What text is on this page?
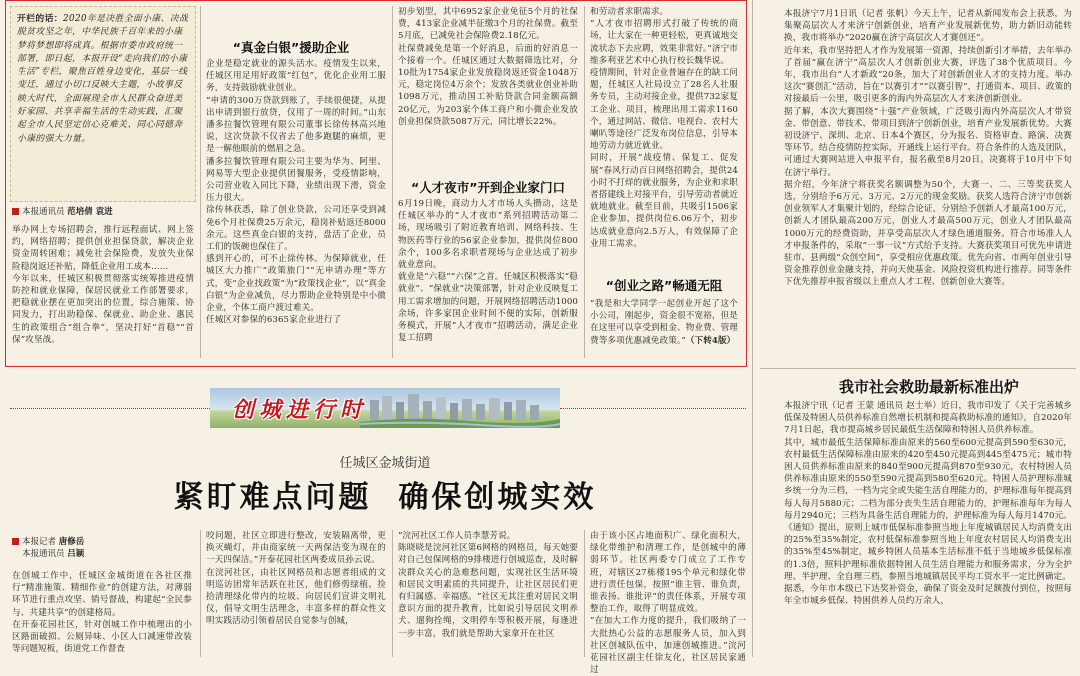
开栏的话：2020年是决胜全面小康、决战脱贫攻坚之年，中华民族千百年来的小康梦将梦想即将成真。根据市委市政府统一部署，即日起，本报开设“走向我们的小康生活”专栏，聚焦百姓身边变化，基层一线变迁，通过小切口反映大主题，小故事反映大时代，全面展现全市人民群众奋进美好家园、共享幸福生活的生动实践，汇聚起全市人民坚定信心克难关、同心同德奔小康的强大力量。
本报通讯员 范培倩 袁进
举办网上专场招聘会，推行远程面试、网上签约，网络招聘；提供创业担保贷款，解决企业资金周转困难；减免社会保险费，发放失业保险稳岗返还补贴，降低企业用工成本……
今年以来，任城区积极贯彻落实统筹推进疫情防控和就业保障，保居民就业工作部署要求，把稳就业摆在更加突出的位置，综合施策、协同发力，打出助稳保、保就业、助企业、惠民生的政策组合“组合拳”，坚决打好“首稳”“首保”攻坚战。
“真金白银”援助企业
企业是稳定就业的源头活水。疫情发生以来，任城区用足用好政策“红包”，优化企业用工服务，支持鼓励就业创业。
“申请的300万贷款到账了，手续很便捷，从提出申请到银行放贷，仅用了一周的时间。”山东潘多拉餐饮管理有限公司董事长徐传林高兴地说，这次贷款不仅省去了他多跑腿的麻烦，更是一解他眼前的燃眉之急。
潘多拉餐饮管理有限公司主要为华为、阿里、网易等大型企业提供团餐服务，受疫情影响，公司营业收入同比下降，业绩出现下滑，资金压力很大。
徐传林获悉，除了创业贷款，公司还享受到减免6个月社保费25万余元，稳岗补贴返还8000余元。这些真金白银的支持，盘活了企业，员工们的饭碗也保住了。
感到开心的，可不止徐传林。为保障就业，任城区大力推广“政策旅门”“无申请办理”等方式，变“企业找政策”为“政策找企业”，以“真金白银”为企业减负，尽力帮助企业特别是中小微企业，个体工商户渡过难关。
任城区对参保的6365家企业进行了
初步划型，其中6952家企业免征5个月的社保费，413家企业减半征缴3个月的社保费。截至5月底，已减免社会保险费2.18亿元。
社保费减免是第一个好消息，后面的好消息一个接着一个。任城区通过大数据筛选比对，分10批为1754家企业发放稳岗返还资金1048万元，稳定岗位4万余个；发放各类就业创业补助1098万元，推动国工补贴贷款合同金额高额20亿元，为203家个体工商户和小微企业发放创业担保贷款5087万元，同比增长22%。
“人才夜市”开到企业家门口
6月19日晚，商动力人才市场人头攒动，这是任城区举办的“人才夜市”系列招聘活动第二场，现场吸引了附近教育培训、网络科技、生物医药等行业的56家企业参加，提供岗位800余个，100多名求职者现场与企业达成了初步就业意向。
就业是“六稳”“六保”之首。任城区积极落实“稳就业”、“保就业”决策部署，针对企业反映复工用工需求增加的问题，开展网络招聘活动1000余场，许多家国企业时间不便的实际，创新服务模式，开展“人才夜市”招聘活动，满足企业复工招聘
和劳动者求职需求。
“人才夜市招聘形式打破了传统的商场，让大家在一种更轻松，更真诚地交流状态下去应聘，效果非常好。”济宁市维多利亚艺术中心执行校长魏华说。
疫情期间，针对企业普遍存在的缺工问题，任城区人社局设立了28名人社服务专员，主动对接企业，提供732家复工企业、项目，梳理出用工需求1160个，通过网站、微信、电视台、农村大喇叭等途径广泛发布岗位信息，引导本地劳动力就近就业。
同时，开展“战疫情、保复工、促发展”春风行动百日网络招聘会，提供24小时不打烊的就业服务，为企业和求职者搭建线上对接平台，引导劳动者就近就地就业。截至目前，共吸引1506家企业参加，提供岗位6.06万个，初步达成就业意向2.5万人，有效保障了企业用工需求。
“创业之路”畅通无阻
“我是和大学同学一起创业开起了这个小公司，刚起步，资金很不宽裕，但是在这里可以享受到租金、物业费、管理费等多项优惠减免政策。”（下转4版）
本报济宁7月1日讯（记者 张帆）今天上午，记者从新闻发布会上获悉，为集聚高层次人才来济宁创新创业，培育产业发展新优势，助力新旧动能转换，我市将举办“2020赢在济宁高层次人才赛创还”。
近年来，我市坚持把人才作为发展第一资源，持续创新引才举措，去年举办了首届“赢在济宁”高层次人才创新创业大赛，评选了38个优质项目。今年，我市出台“人才新政”20条，加大了对创新创业人才的支持力度。举办这次“赛创汇”活动，旨在“以赛引才”“以赛引智”，打通资本、项目、政策的对接最后一公里，吸引更多的海内外高层次人才来济创新创业。
据了解，本次大赛围绕“十强”产业领域，广泛吸引海内外高层次人才带资金、带创意、带技术、带项目到济宁创新创业，培育产业发展新优势。大赛初设济宁、深圳、北京、日本4个赛区，分为报名、资格审查、路演、决赛等环节。结合疫情防控实际，开通线上运行平台。符合条件的人选及团队，可通过大赛网站进入申报平台，报名截至8月20日。决赛将于10月中下旬在济宁举行。
据介绍，今年济宁将获奖名额调整为50个，大赛一、二、三等奖获奖人选，分别给予6万元、3万元、2万元的现金奖励。获奖人选符合济宁市创新创业领军人才集聚计划的，经综合论证，分别给予创新人才最高100万元，创新人才团队最高200万元，创业人才最高500万元，创业人才团队最高1000万元的经费资助，并享受高层次人才绿色通道服务。符合市场准人人才申报条件的，采取“一事一议”方式给予支持。大赛获奖项目可优先申请进驻市、县两级“众创空间”，享受相应优惠政策。优先向省、市两年创业引导资金推荐创业金融支持，并向天使基金、风险投资机构进行推荐。同等条件下优先推荐申报省级以上重点人才工程、创新创业大赛等。
我市社会救助最新标准出炉
本报济宁讯（记者 王蒙 通讯员 赵士举）近日，我市印发了《关于完善城乡低保及特困人员供养标准自然增长机制和提高救助标准的通知》，自2020年7月1日起，我市提高城乡居民最低生活保障和特困人员供养标准。
其中，城市最低生活保障标准由原来的560至600元提高到590至630元，农村最低生活保障标准由原来的420至450元提高到445至475元；城市特困人员供养标准由原来的840至900元提高到870至930元，农村特困人员供养标准由原来的550至590元提高到580至620元。特困人员护理标准城乡统一分为三档，一档为完全或失能生活自理能力的，护理标准每年提高到每人每月5880元；二档为部分丧失生活自理能力的，护理标准每年为每人每月2940元；三档为具备生活自理能力的，护理标准为每人每月1470元。
《通知》提出，原则上城市低保标准参照当地上年度城镇居民人均消费支出的25%至35%制定，农村低保标准参照当地上年度农村居民人均消费支出的35%至45%制定，城乡特困人员基本生活标准不低于当地城乡低保标准的1.3倍，照料护理标准依据特困人员生活自理能力和服务需求，分为全护理、半护理、全自理三档，参照当地城镇居民平均工资水平一定比例确定。
据悉，今年市本级已下达奖补资金，确保了资金及时足额拨付到位，按照每年全市城乡低保、特困供养人员约万余人，
创城进行时
任城区金城街道
紧盯难点问题  确保创城实效
本报记者 唐修岳
本报通讯员 吕颖
在创城工作中，任城区金城街道在各社区推行“精准施策、精细作业”的创建方法，对薄弱环节进行重点攻坚、销号督战，构建起“全民参与、共建共享”的创建格局。
在开泰花园社区，针对创城工作中梳理出的小区路面破损、公厕异味、小区人口减速带改装等问题短板，街道党工作督查
咬问题，社区立即进行整改，安装隔离带，更换灭蝇灯，并由商家统一天两保洁变为现在的一天四保洁。”开泰花园社区两委成员孙云说。
在浣河社区，由社区网格员和志愿者组成的文明巡访团常年活跃在社区，他们修剪绿植、捡拾清理绿化带内的垃圾、向居民们宣讲文明礼仪，倡导文明生活理念，丰富多样的群众性文明实践活动引领着居民自觉参与创城，
“浣河社区工作人员李慧芳说。
陈晓晓是浣河社区第6网格的网格员，每天她要对自己包保网格的9排楼进行创城巡查，及时解决群众关心的急难愁问题，实现社区生活环境和居民文明素质的共同提升，让社区居民们更有归属感、幸福感。“社区无其注重对居民文明意识方面的提升教育，比如说引导居民文明养犬、遛狗拴绳，文明停车等积极开展，每逢进一步丰富，我们就是帮助大家拿开在社区
由于该小区占地面积广、绿化面积大，绿化带维护和清理工作，是创城中的薄弱环节。社区两委专门成立了工作专班，对辖区27栋楼195个单元和绿化带进行责任包保，按照“谁主管、谁负责，谁表扬、谁批评”的责任体系，开展专项整治工作，取得了明显成效。
“在加大工作力度的提升，我们吸纳了一大批热心公益的志愿服务人员，加入到社区创城队伍中，加速创城推进。”浣河花园社区副主任徐友化，社区居民家通过
